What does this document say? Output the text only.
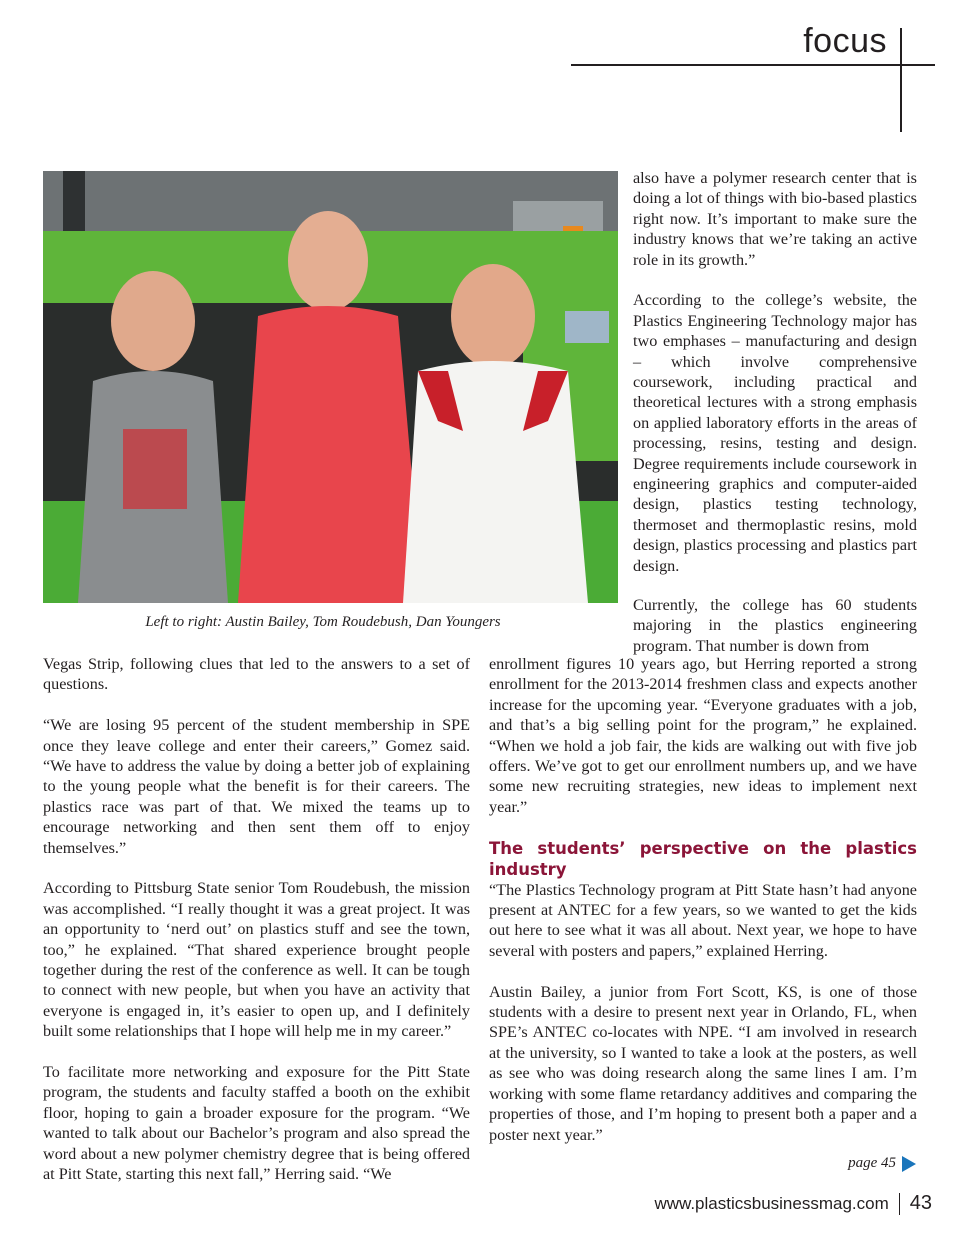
focus
Left to right: Austin Bailey, Tom Roudebush, Dan Youngers

also have a polymer research center that is doing a lot of things with bio-based plastics right now. It’s important to make sure the industry knows that we’re taking an active role in its growth.”

According to the college’s website, the Plastics Engineering Technology major has two emphases – manufacturing and design – which involve comprehensive coursework, including practical and theoretical lectures with a strong emphasis on applied laboratory efforts in the areas of processing, resins, testing and design. Degree requirements include coursework in engineering graphics and computer-aided design, plastics testing technology, thermoset and thermoplastic resins, mold design, plastics processing and plastics part design.

Currently, the college has 60 students majoring in the plastics engineering program. That number is down from

Vegas Strip, following clues that led to the answers to a set of questions.

“We are losing 95 percent of the student membership in SPE once they leave college and enter their careers,” Gomez said. “We have to address the value by doing a better job of explaining to the young people what the benefit is for their careers. The plastics race was part of that. We mixed the teams up to encourage networking and then sent them off to enjoy themselves.”

According to Pittsburg State senior Tom Roudebush, the mission was accomplished. “I really thought it was a great project. It was an opportunity to ‘nerd out’ on plastics stuff and see the town, too,” he explained. “That shared experience brought people together during the rest of the conference as well. It can be tough to connect with new people, but when you have an activity that everyone is engaged in, it’s easier to open up, and I definitely built some relationships that I hope will help me in my career.”

To facilitate more networking and exposure for the Pitt State program, the students and faculty staffed a booth on the exhibit floor, hoping to gain a broader exposure for the program. “We wanted to talk about our Bachelor’s program and also spread the word about a new polymer chemistry degree that is being offered at Pitt State, starting this next fall,” Herring said. “We

enrollment figures 10 years ago, but Herring reported a strong enrollment for the 2013-2014 freshmen class and expects another increase for the upcoming year. “Everyone graduates with a job, and that’s a big selling point for the program,” he explained. “When we hold a job fair, the kids are walking out with five job offers. We’ve got to get our enrollment numbers up, and we have some new recruiting strategies, new ideas to implement next year.”

The students’ perspective on the plastics industry

“The Plastics Technology program at Pitt State hasn’t had anyone present at ANTEC for a few years, so we wanted to get the kids out here to see what it was all about. Next year, we hope to have several with posters and papers,” explained Herring.

Austin Bailey, a junior from Fort Scott, KS, is one of those students with a desire to present next year in Orlando, FL, when SPE’s ANTEC co-locates with NPE. “I am involved in research at the university, so I wanted to take a look at the posters, as well as see who was doing research along the same lines I am. I’m working with some flame retardancy additives and comparing the properties of those, and I’m hoping to present both a paper and a poster next year.”

page 45
www.plasticsbusinessmag.com 43
